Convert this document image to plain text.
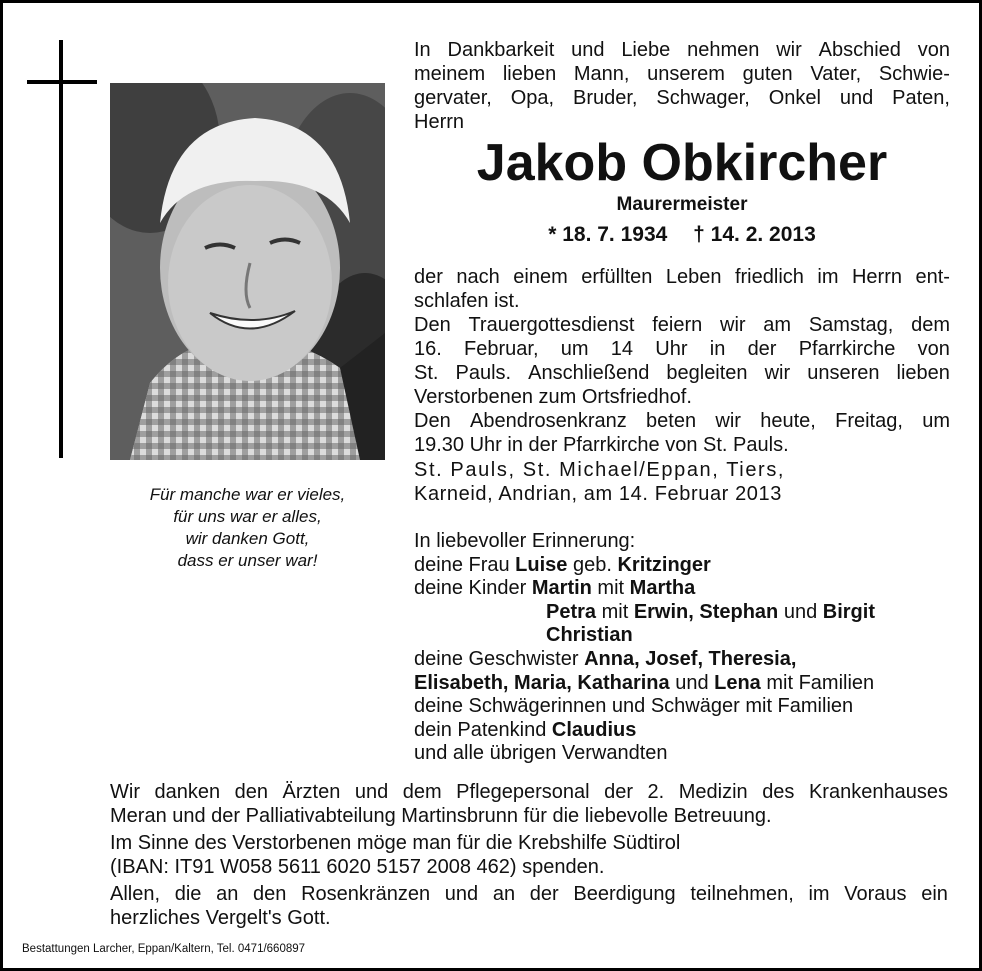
Für manche war er vieles,
für uns war er alles,
wir danken Gott,
dass er unser war!
In Dankbarkeit und Liebe nehmen wir Abschied von
meinem lieben Mann, unserem guten Vater, Schwie-
gervater, Opa, Bruder, Schwager, Onkel und Paten,
Herrn
Jakob Obkircher
Maurermeister
* 18. 7. 1934 † 14. 2. 2013
der nach einem erfüllten Leben friedlich im Herrn ent-
schlafen ist.
Den Trauergottesdienst feiern wir am Samstag, dem
16. Februar, um 14 Uhr in der Pfarrkirche von
St. Pauls. Anschließend begleiten wir unseren lieben
Verstorbenen zum Ortsfriedhof.
Den Abendrosenkranz beten wir heute, Freitag, um
19.30 Uhr in der Pfarrkirche von St. Pauls.
St. Pauls, St. Michael/Eppan, Tiers,
Karneid, Andrian, am 14. Februar 2013
In liebevoller Erinnerung:
deine Frau Luise geb. Kritzinger
deine Kinder Martin mit Martha
Petra mit Erwin, Stephan und Birgit
Christian
deine Geschwister Anna, Josef, Theresia,
Elisabeth, Maria, Katharina und Lena mit Familien
deine Schwägerinnen und Schwäger mit Familien
dein Patenkind Claudius
und alle übrigen Verwandten
Wir danken den Ärzten und dem Pflegepersonal der 2. Medizin des Krankenhauses
Meran und der Palliativabteilung Martinsbrunn für die liebevolle Betreuung.
Im Sinne des Verstorbenen möge man für die Krebshilfe Südtirol
(IBAN: IT91 W058 5611 6020 5157 2008 462) spenden.
Allen, die an den Rosenkränzen und an der Beerdigung teilnehmen, im Voraus ein
herzliches Vergelt's Gott.
Bestattungen Larcher, Eppan/Kaltern, Tel. 0471/660897
